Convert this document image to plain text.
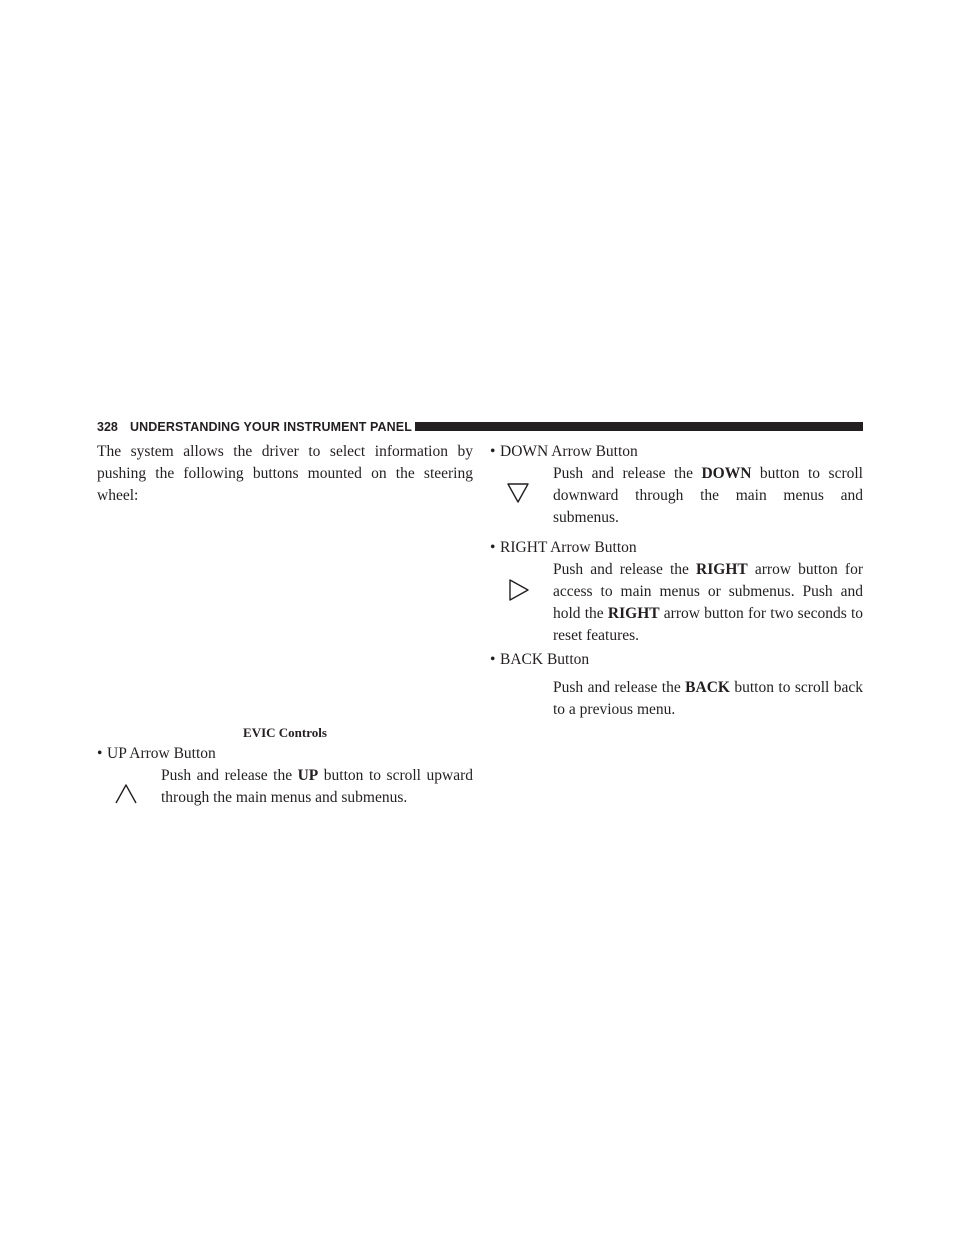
328 UNDERSTANDING YOUR INSTRUMENT PANEL
The system allows the driver to select information by pushing the following buttons mounted on the steering wheel:
EVIC Controls
• UP Arrow Button
Push and release the UP button to scroll upward through the main menus and submenus.
• DOWN Arrow Button
Push and release the DOWN button to scroll downward through the main menus and submenus.
• RIGHT Arrow Button
Push and release the RIGHT arrow button for access to main menus or submenus. Push and hold the RIGHT arrow button for two seconds to reset features.
• BACK Button
Push and release the BACK button to scroll back to a previous menu.
